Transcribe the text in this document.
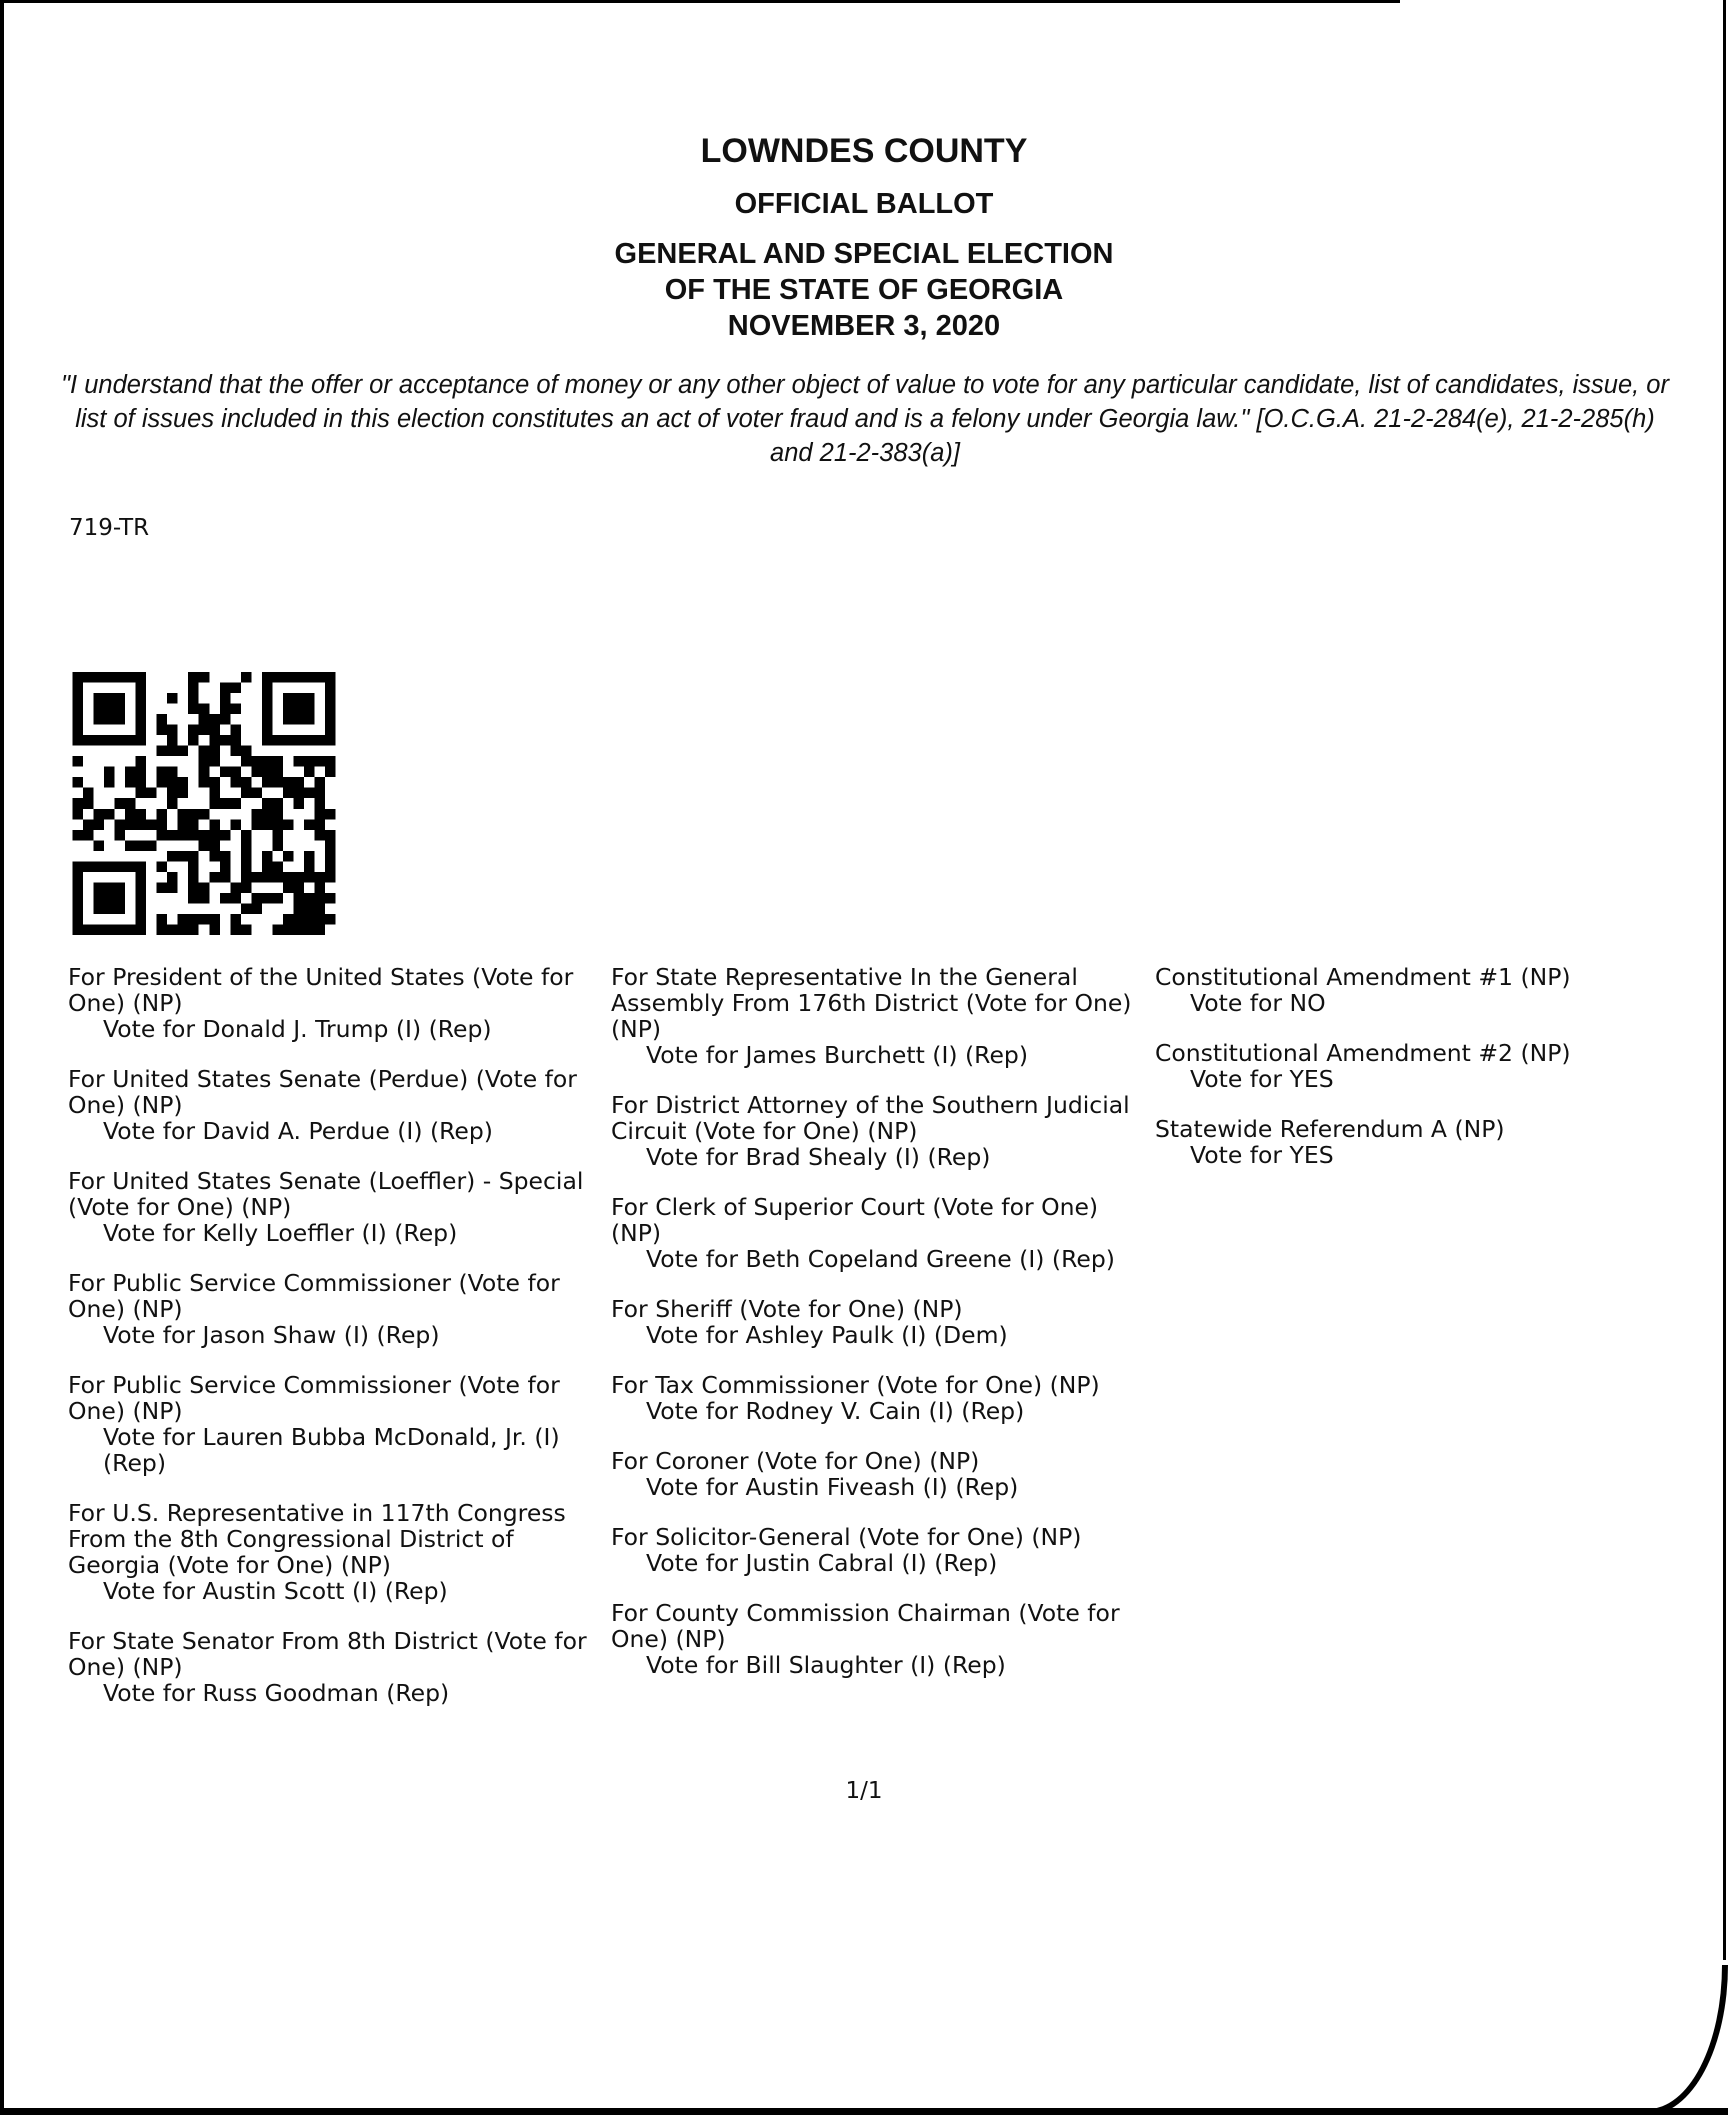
LOWNDES COUNTY
OFFICIAL BALLOT
GENERAL AND SPECIAL ELECTION
OF THE STATE OF GEORGIA
NOVEMBER 3, 2020
"I understand that the offer or acceptance of money or any other object of value to vote for any particular candidate, list of candidates, issue, or list of issues included in this election constitutes an act of voter fraud and is a felony under Georgia law." [O.C.G.A. 21-2-284(e), 21-2-285(h) and 21-2-383(a)]
719-TR
For President of the United States (Vote for One) (NP)
Vote for Donald J. Trump (I) (Rep)
For United States Senate (Perdue) (Vote for One) (NP)
Vote for David A. Perdue (I) (Rep)
For United States Senate (Loeffler) - Special (Vote for One) (NP)
Vote for Kelly Loeffler (I) (Rep)
For Public Service Commissioner (Vote for One) (NP)
Vote for Jason Shaw (I) (Rep)
For Public Service Commissioner (Vote for One) (NP)
Vote for Lauren Bubba McDonald, Jr. (I) (Rep)
For U.S. Representative in 117th Congress From the 8th Congressional District of Georgia (Vote for One) (NP)
Vote for Austin Scott (I) (Rep)
For State Senator From 8th District (Vote for One) (NP)
Vote for Russ Goodman (Rep)
For State Representative In the General Assembly From 176th District (Vote for One) (NP)
Vote for James Burchett (I) (Rep)
For District Attorney of the Southern Judicial Circuit (Vote for One) (NP)
Vote for Brad Shealy (I) (Rep)
For Clerk of Superior Court (Vote for One) (NP)
Vote for Beth Copeland Greene (I) (Rep)
For Sheriff (Vote for One) (NP)
Vote for Ashley Paulk (I) (Dem)
For Tax Commissioner (Vote for One) (NP)
Vote for Rodney V. Cain (I) (Rep)
For Coroner (Vote for One) (NP)
Vote for Austin Fiveash (I) (Rep)
For Solicitor-General (Vote for One) (NP)
Vote for Justin Cabral (I) (Rep)
For County Commission Chairman (Vote for One) (NP)
Vote for Bill Slaughter (I) (Rep)
Constitutional Amendment #1 (NP)
Vote for NO
Constitutional Amendment #2 (NP)
Vote for YES
Statewide Referendum A (NP)
Vote for YES
1/1
